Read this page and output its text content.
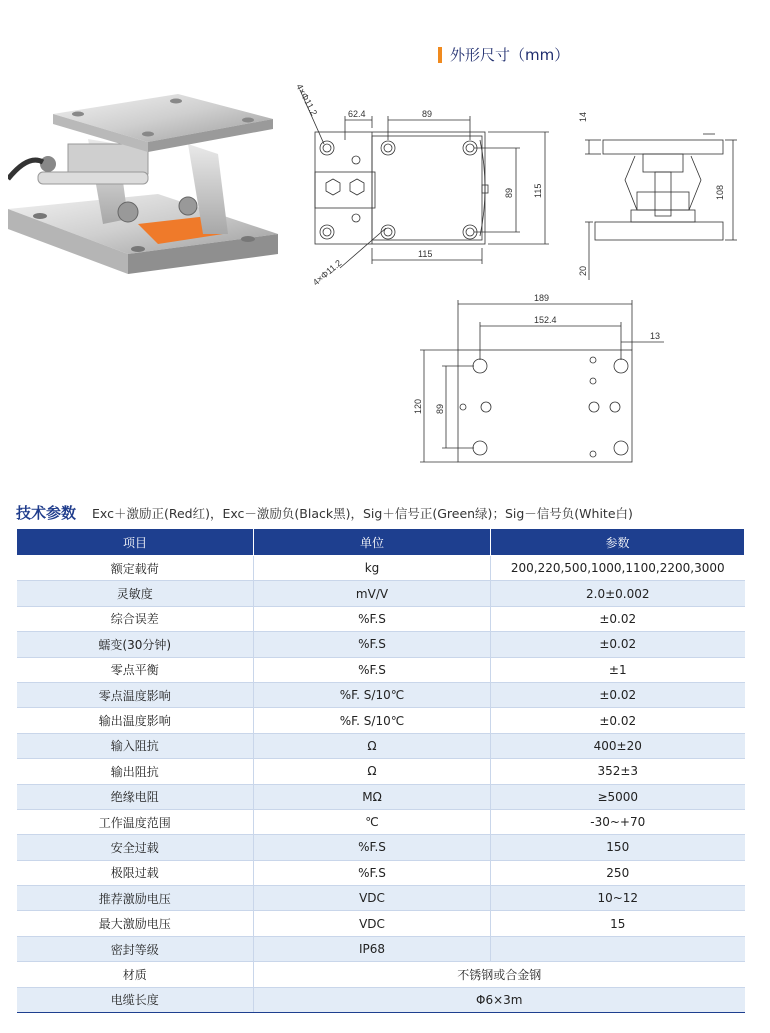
外形尺寸（mm）
62.4	89
4×Φ11.2
4×Φ11.2
89 115
115
14
108
20
189
152.4
13
120 89
技术参数 Exc＋激励正(Red红)，Exc－激励负(Black黑)，Sig＋信号正(Green绿)；Sig－信号负(White白)
项目	单位	参数
额定载荷	kg	200,220,500,1000,1100,2200,3000
灵敏度	mV/V	2.0±0.002
综合误差	%F.S	±0.02
蠕变(30分钟)	%F.S	±0.02
零点平衡	%F.S	±1
零点温度影响	%F. S/10℃	±0.02
输出温度影响	%F. S/10℃	±0.02
输入阻抗	Ω	400±20
输出阻抗	Ω	352±3
绝缘电阻	MΩ	≥5000
工作温度范围	℃	-30~+70
安全过载	%F.S	150
极限过载	%F.S	250
推荐激励电压	VDC	10~12
最大激励电压	VDC	15
密封等级	IP68	
材质	不锈钢或合金钢	
电缆长度	Φ6×3m	
